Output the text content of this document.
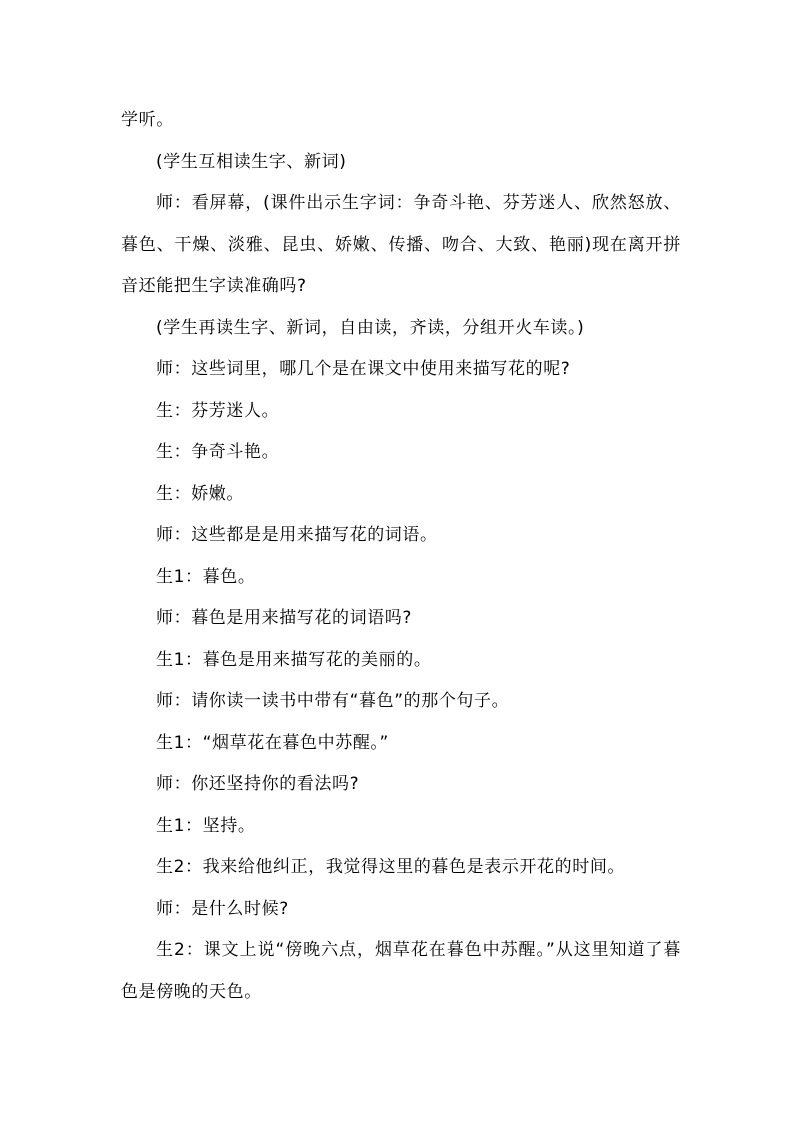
学听。

(学生互相读生字、新词)

师：看屏幕，(课件出示生字词：争奇斗艳、芬芳迷人、欣然怒放、暮色、干燥、淡雅、昆虫、娇嫩、传播、吻合、大致、艳丽)现在离开拼音还能把生字读准确吗?

(学生再读生字、新词，自由读，齐读，分组开火车读。)

师：这些词里，哪几个是在课文中使用来描写花的呢?

生：芬芳迷人。

生：争奇斗艳。

生：娇嫩。

师：这些都是是用来描写花的词语。

生1：暮色。

师：暮色是用来描写花的词语吗?

生1：暮色是用来描写花的美丽的。

师：请你读一读书中带有“暮色”的那个句子。

生1：“烟草花在暮色中苏醒。”

师：你还坚持你的看法吗?

生1：坚持。

生2：我来给他纠正，我觉得这里的暮色是表示开花的时间。

师：是什么时候?

生2：课文上说“傍晚六点，烟草花在暮色中苏醒。”从这里知道了暮色是傍晚的天色。
